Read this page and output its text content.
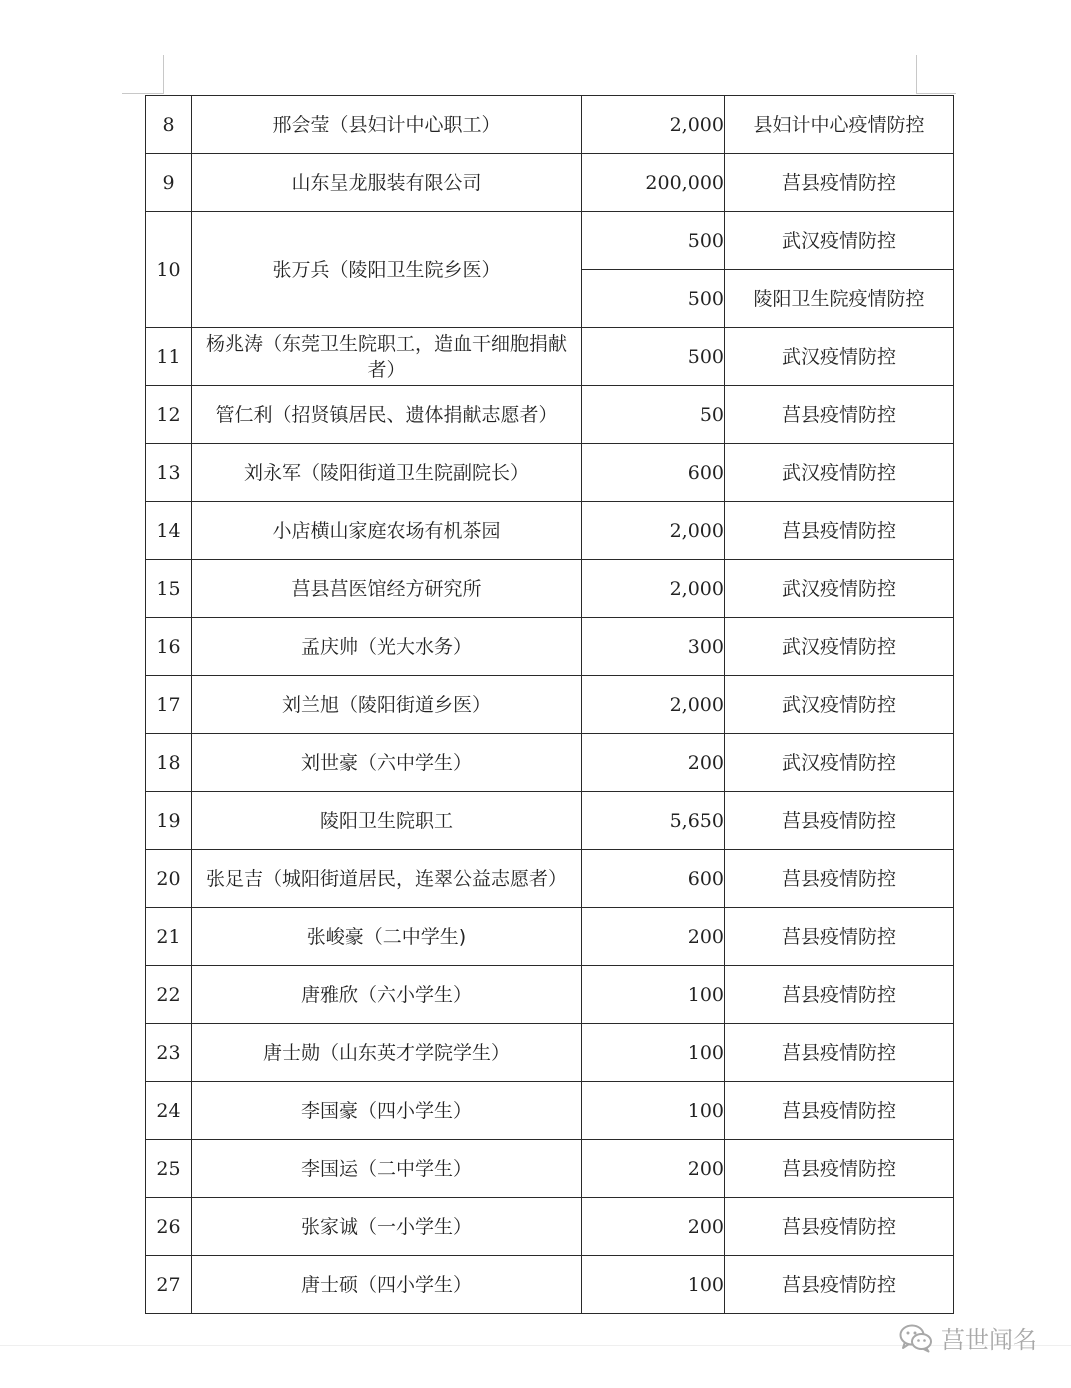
8	邢会莹（县妇计中心职工）	2,000	县妇计中心疫情防控
9	山东呈龙服装有限公司	200,000	莒县疫情防控
10	张万兵（陵阳卫生院乡医）	500	武汉疫情防控
		500	陵阳卫生院疫情防控
11	杨兆涛（东莞卫生院职工，造血干细胞捐献者）	500	武汉疫情防控
12	管仁利（招贤镇居民、遗体捐献志愿者）	50	莒县疫情防控
13	刘永军（陵阳街道卫生院副院长）	600	武汉疫情防控
14	小店横山家庭农场有机茶园	2,000	莒县疫情防控
15	莒县莒医馆经方研究所	2,000	武汉疫情防控
16	孟庆帅（光大水务）	300	武汉疫情防控
17	刘兰旭（陵阳街道乡医）	2,000	武汉疫情防控
18	刘世豪（六中学生）	200	武汉疫情防控
19	陵阳卫生院职工	5,650	莒县疫情防控
20	张足吉（城阳街道居民，连翠公益志愿者）	600	莒县疫情防控
21	张峻豪（二中学生)	200	莒县疫情防控
22	唐雅欣（六小学生）	100	莒县疫情防控
23	唐士勋（山东英才学院学生）	100	莒县疫情防控
24	李国豪（四小学生）	100	莒县疫情防控
25	李国运（二中学生）	200	莒县疫情防控
26	张家诚（一小学生）	200	莒县疫情防控
27	唐士硕（四小学生）	100	莒县疫情防控
莒世闻名
